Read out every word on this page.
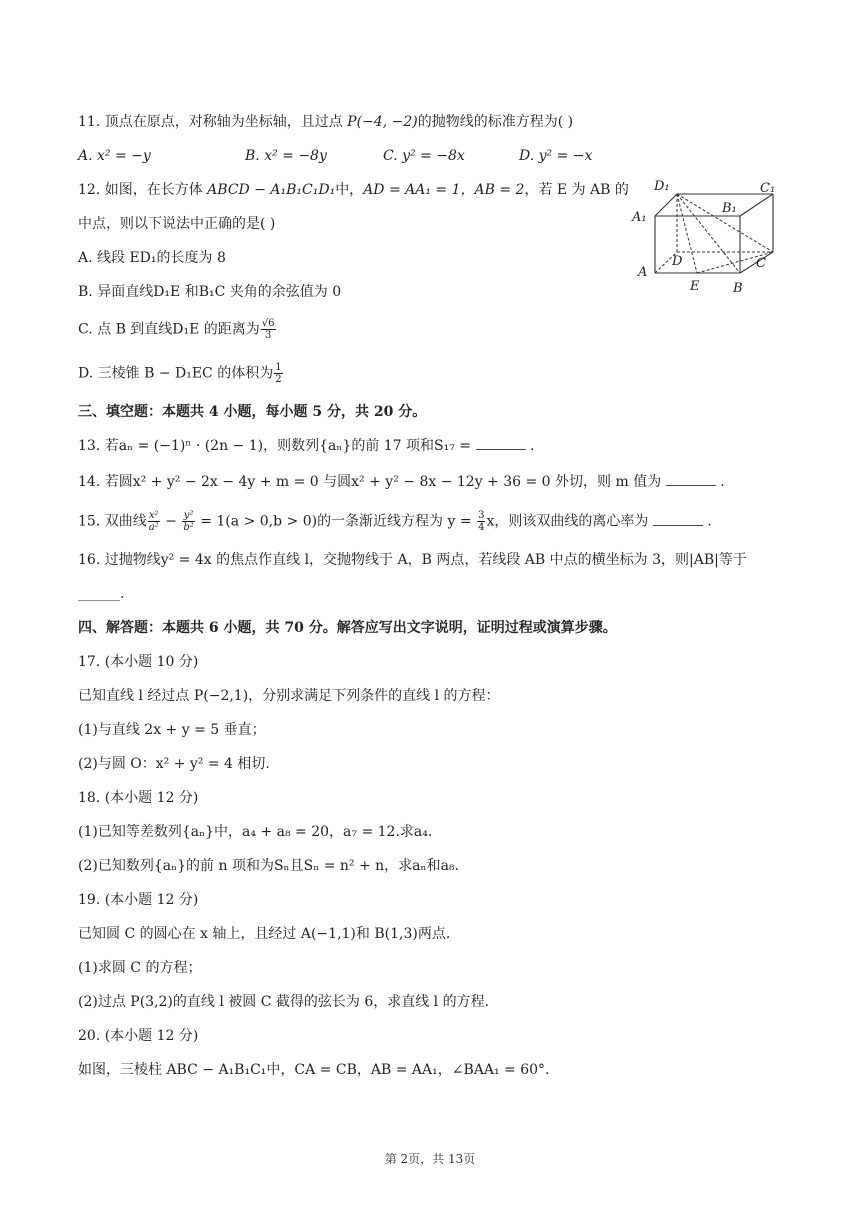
11. 顶点在原点，对称轴为坐标轴，且过点 P(−4, −2)的抛物线的标准方程为( )
A. x² = −y	B. x² = −8y	C. y² = −8x	D. y² = −x
12. 如图，在长方体 ABCD − A₁B₁C₁D₁中，AD = AA₁ = 1，AB = 2，若 E 为 AB 的
中点，则以下说法中正确的是( )
A. 线段 ED₁的长度为 8
B. 异面直线D₁E 和B₁C 夹角的余弦值为 0
C. 点 B 到直线D₁E 的距离为 $\frac{√6}{3}$
D. 三棱锥 B − D₁EC 的体积为 $\frac{1}{2}$
D₁	C₁
A₁
B₁
D	C
A
E	B
三、填空题：本题共 4 小题，每小题 5 分，共 20 分。
13. 若aₙ = (−1)ⁿ · (2n − 1)，则数列{aₙ}的前 17 项和S₁₇ =	.
14. 若圆x² + y² − 2x − 4y + m = 0 与圆x² + y² − 8x − 12y + 36 = 0 外切，则 m 值为	.
15. 双曲线 $\frac{\text{x²}}{\text{a²}} - \frac{\text{y²}}{\text{b²}} = 1(a > 0,b > 0)$的一条渐近线方程为 $y = \frac{3}{4}$ x，则该双曲线的离心率为	.
16. 过抛物线y² = 4x 的焦点作直线 l，交抛物线于 A，B 两点，若线段 AB 中点的横坐标为 3，则|AB|等于
______.
四、解答题：本题共 6 小题，共 70 分。解答应写出文字说明，证明过程或演算步骤。
17. (本小题 10 分)
已知直线 l 经过点 P(−2,1)，分别求满足下列条件的直线 l 的方程：
(1)与直线 2x + y = 5 垂直；
(2)与圆 O：x² + y² = 4 相切.
18. (本小题 12 分)
(1)已知等差数列{aₙ}中，a₄ + a₈ = 20，a₇ = 12.求a₄.
(2)已知数列{aₙ}的前 n 项和为Sₙ且Sₙ = n² + n，求aₙ和a₈.
19. (本小题 12 分)
已知圆 C 的圆心在 x 轴上，且经过 A(−1,1)和 B(1,3)两点.
(1)求圆 C 的方程；
(2)过点 P(3,2)的直线 l 被圆 C 截得的弦长为 6，求直线 l 的方程.
20. (本小题 12 分)
如图，三棱柱 ABC − A₁B₁C₁中，CA = CB，AB = AA₁，∠BAA₁ = 60°.
第 2页，共 13页
